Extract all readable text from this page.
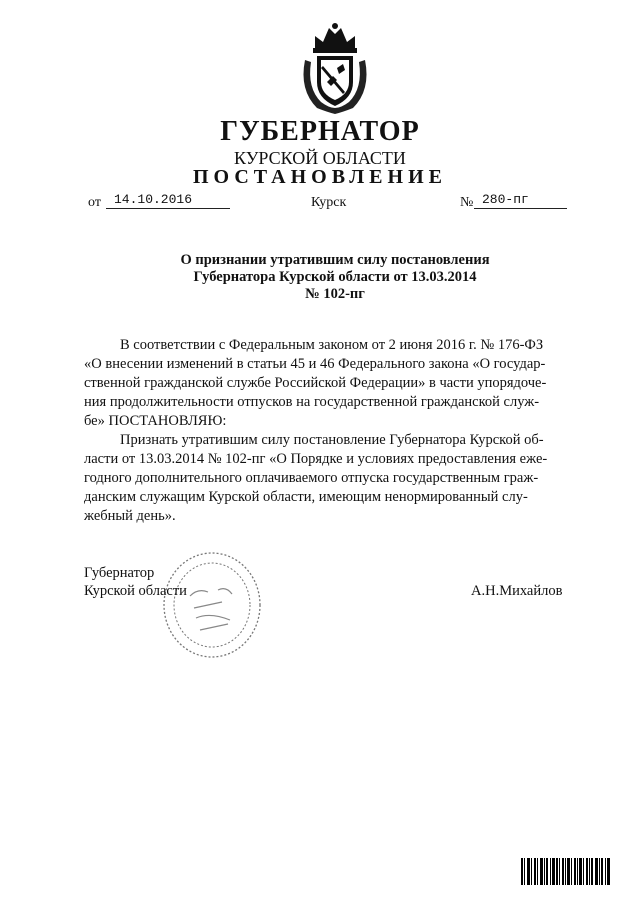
ГУБЕРНАТОР
КУРСКОЙ ОБЛАСТИ
ПОСТАНОВЛЕНИЕ
от 14.10.2016	Курск	№ 280-пг
О признании утратившим силу постановления
Губернатора Курской области от 13.03.2014
№ 102-пг
В соответствии с Федеральным законом от 2 июня 2016 г. № 176-ФЗ
«О внесении изменений в статьи 45 и 46 Федерального закона «О государ-
ственной гражданской службе Российской Федерации» в части упорядоче-
ния продолжительности отпусков на государственной гражданской служ-
бе» ПОСТАНОВЛЯЮ:
Признать утратившим силу постановление Губернатора Курской об-
ласти от 13.03.2014 № 102-пг «О Порядке и условиях предоставления еже-
годного дополнительного оплачиваемого отпуска государственным граж-
данским служащим Курской области, имеющим ненормированный слу-
жебный день».
Губернатор
Курской области	А.Н.Михайлов
